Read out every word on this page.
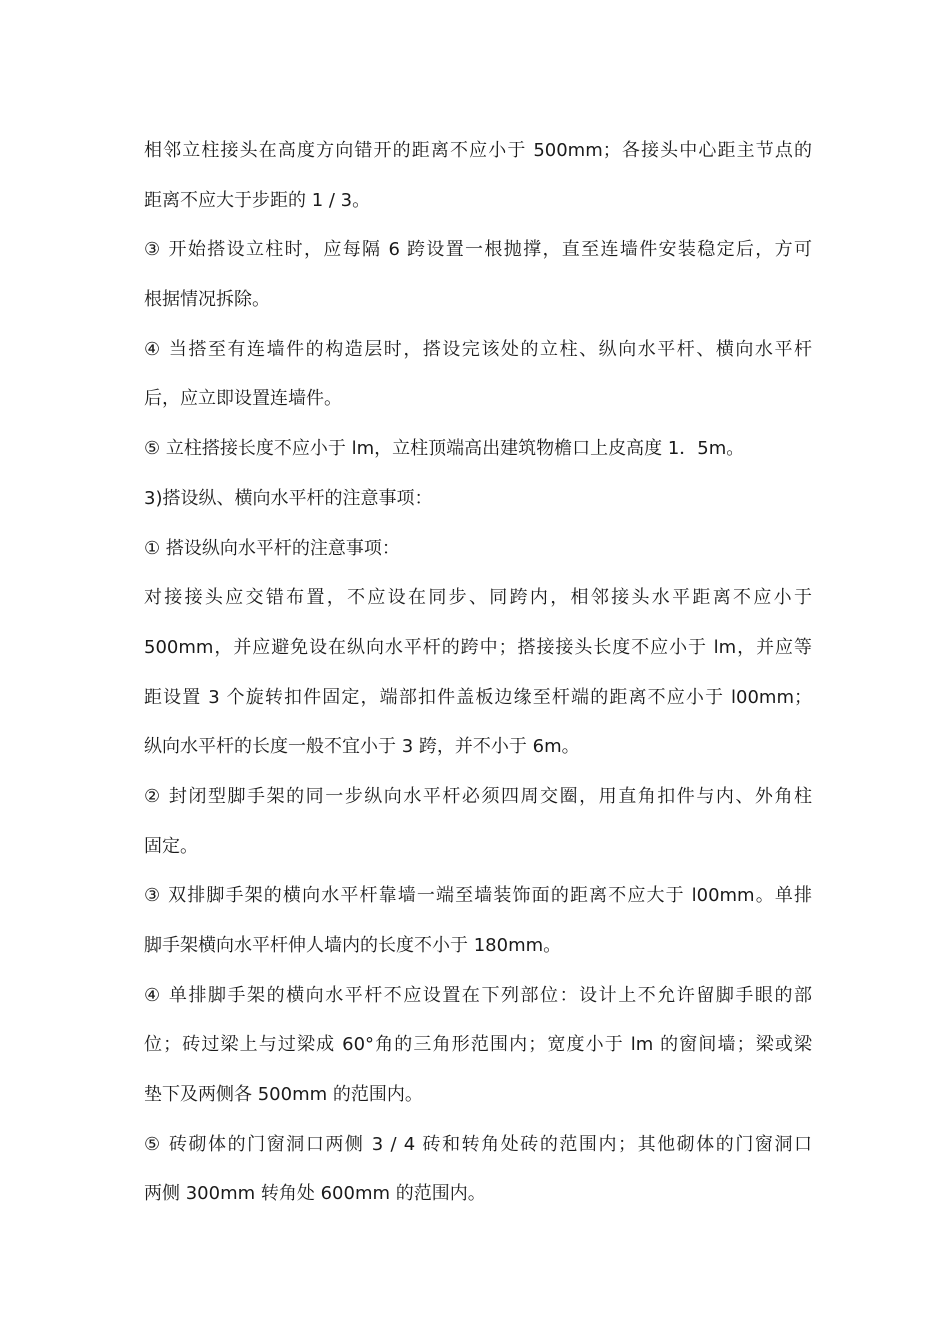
相邻立柱接头在高度方向错开的距离不应小于 500mm；各接头中心距主节点的
距离不应大于步距的 1 / 3。
③ 开始搭设立柱时，应每隔 6 跨设置一根抛撑，直至连墙件安装稳定后，方可
根据情况拆除。
④ 当搭至有连墙件的构造层时，搭设完该处的立柱、纵向水平杆、横向水平杆
后，应立即设置连墙件。
⑤ 立柱搭接长度不应小于 lm，立柱顶端高出建筑物檐口上皮高度 1．5m。
3)搭设纵、横向水平杆的注意事项：
① 搭设纵向水平杆的注意事项：
对接接头应交错布置，不应设在同步、同跨内，相邻接头水平距离不应小于
500mm，并应避免设在纵向水平杆的跨中；搭接接头长度不应小于 lm，并应等
距设置 3 个旋转扣件固定，端部扣件盖板边缘至杆端的距离不应小于 l00mm；
纵向水平杆的长度一般不宜小于 3 跨，并不小于 6m。
② 封闭型脚手架的同一步纵向水平杆必须四周交圈，用直角扣件与内、外角柱
固定。
③ 双排脚手架的横向水平杆靠墙一端至墙装饰面的距离不应大于 l00mm。单排
脚手架横向水平杆伸人墙内的长度不小于 180mm。
④ 单排脚手架的横向水平杆不应设置在下列部位：设计上不允许留脚手眼的部
位；砖过梁上与过梁成 60°角的三角形范围内；宽度小于 lm 的窗间墙；梁或梁
垫下及两侧各 500mm 的范围内。
⑤ 砖砌体的门窗洞口两侧 3 / 4 砖和转角处砖的范围内；其他砌体的门窗洞口
两侧 300mm 转角处 600mm 的范围内。
